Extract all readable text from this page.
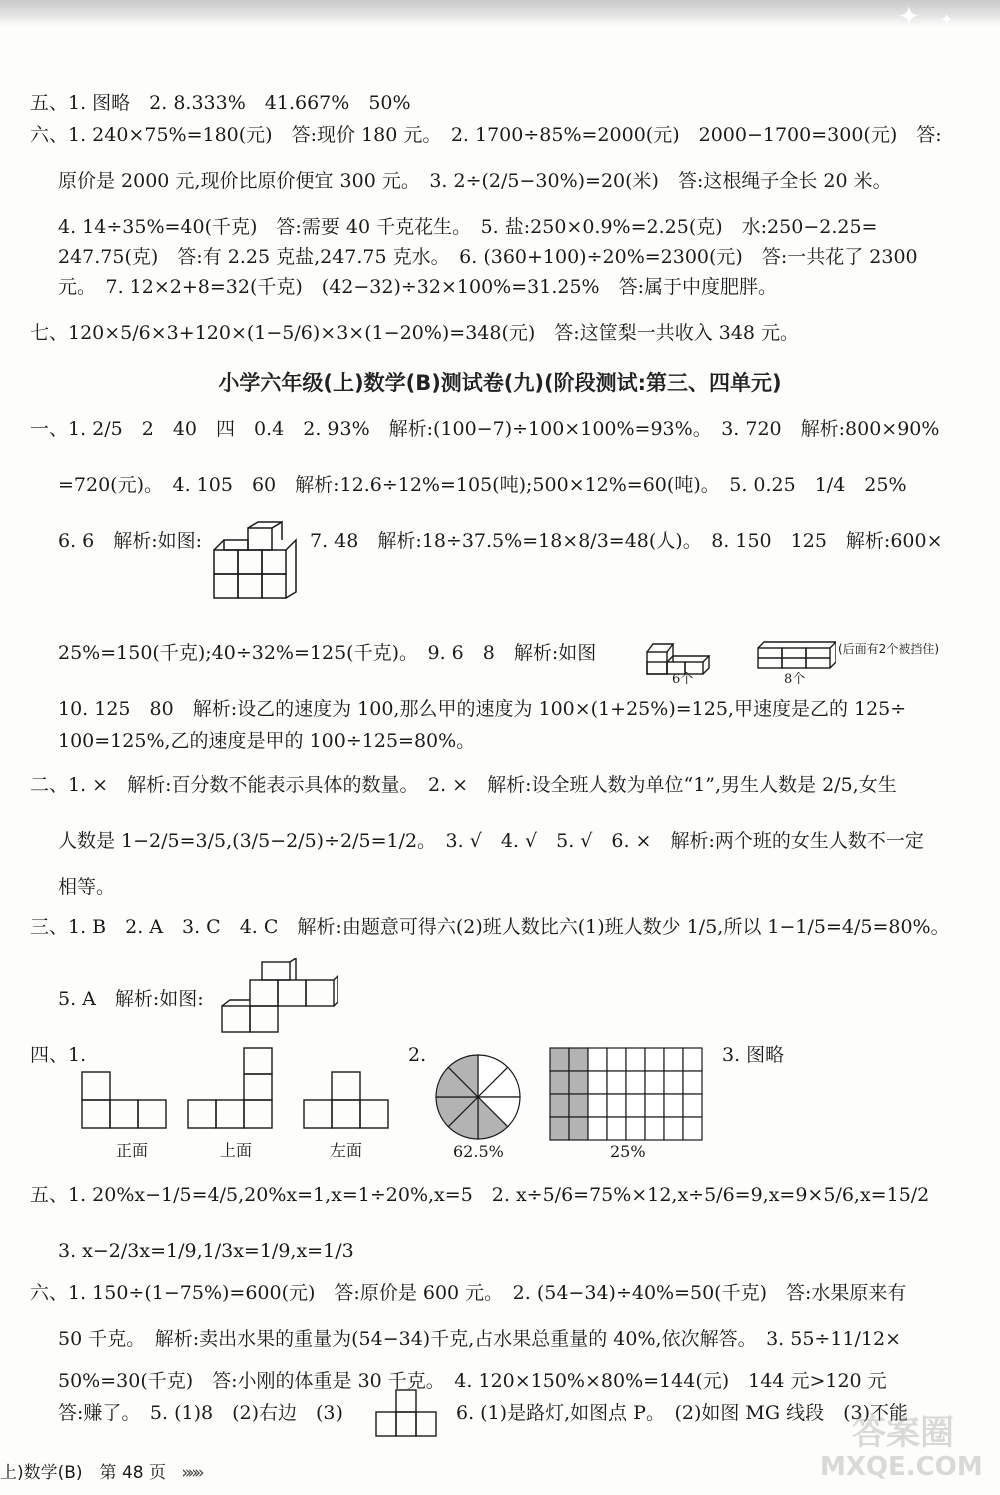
✦ ✦
五、1. 图略　2. 8.333%　41.667%　50%
六、1. 240×75%=180(元)　答:现价 180 元。　2. 1700÷85%=2000(元)　2000−1700=300(元)　答:
原价是 2000 元,现价比原价便宜 300 元。　3. 2÷(2/5−30%)=20(米)　答:这根绳子全长 20 米。
4. 14÷35%=40(千克)　答:需要 40 千克花生。　5. 盐:250×0.9%=2.25(克)　水:250−2.25=
247.75(克)　答:有 2.25 克盐,247.75 克水。　6. (360+100)÷20%=2300(元)　答:一共花了 2300
元。　7. 12×2+8=32(千克)　(42−32)÷32×100%=31.25%　答:属于中度肥胖。
七、120×5/6×3+120×(1−5/6)×3×(1−20%)=348(元)　答:这筐梨一共收入 348 元。
小学六年级(上)数学(B)测试卷(九)(阶段测试:第三、四单元)
一、1. 2/5　2　40　四　0.4　2. 93%　解析:(100−7)÷100×100%=93%。　3. 720　解析:800×90%
=720(元)。　4. 105　60　解析:12.6÷12%=105(吨);500×12%=60(吨)。　5. 0.25　1/4　25%
6. 6　解析:如图:	7. 48　解析:18÷37.5%=18×8/3=48(人)。　8. 150　125　解析:600×
25%=150(千克);40÷32%=125(千克)。　9. 6　8　解析:如图
10. 125　80　解析:设乙的速度为 100,那么甲的速度为 100×(1+25%)=125,甲速度是乙的 125÷
100=125%,乙的速度是甲的 100÷125=80%。
二、1. ×　解析:百分数不能表示具体的数量。　2. ×　解析:设全班人数为单位“1”,男生人数是 2/5,女生
人数是 1−2/5=3/5,(3/5−2/5)÷2/5=1/2。　3. √　4. √　5. √　6. ×　解析:两个班的女生人数不一定
相等。
三、1. B　2. A　3. C　4. C　解析:由题意可得六(2)班人数比六(1)班人数少 1/5,所以 1−1/5=4/5=80%。
5. A　解析:如图:
四、1.	2.	3. 图略
五、1. 20%x−1/5=4/5,20%x=1,x=1÷20%,x=5　2. x÷5/6=75%×12,x÷5/6=9,x=9×5/6,x=15/2
3. x−2/3x=1/9,1/3x=1/9,x=1/3
六、1. 150÷(1−75%)=600(元)　答:原价是 600 元。　2. (54−34)÷40%=50(千克)　答:水果原来有
50 千克。　解析:卖出水果的重量为(54−34)千克,占水果总重量的 40%,依次解答。　3. 55÷11/12×
50%=30(千克)　答:小刚的体重是 30 千克。　4. 120×150%×80%=144(元)　144 元>120 元
答:赚了。　5. (1)8　(2)右边　(3)	6. (1)是路灯,如图点 P。　(2)如图 MG 线段　(3)不能
6个	8个
(后面有2个被挡住)
正面	上面	左面	62.5%	25%
上)数学(B)　第 48 页 »»»
答案圈
MXQE.COM
